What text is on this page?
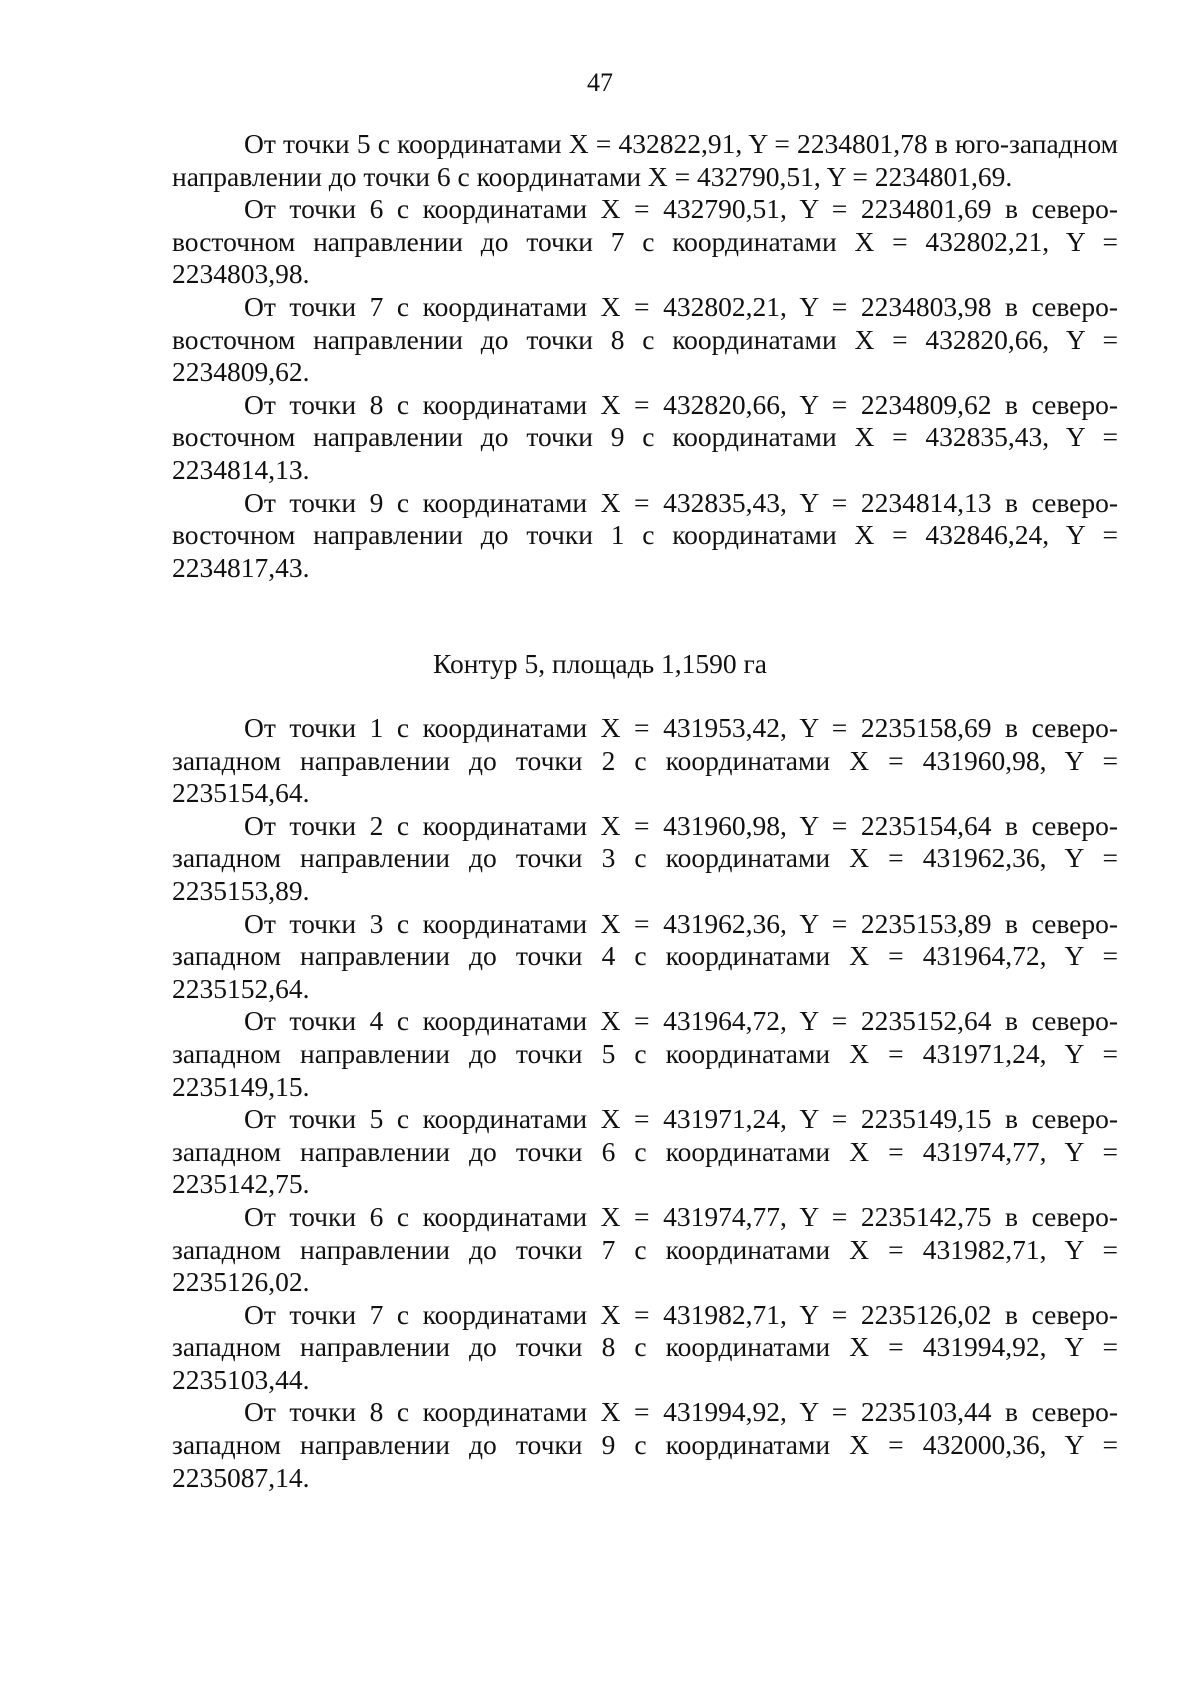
47

От точки 5 с координатами X = 432822,91, Y = 2234801,78 в юго-западном направлении до точки 6 с координатами X = 432790,51, Y = 2234801,69.

От точки 6 с координатами X = 432790,51, Y = 2234801,69 в северо-восточном направлении до точки 7 с координатами X = 432802,21, Y = 2234803,98.

От точки 7 с координатами X = 432802,21, Y = 2234803,98 в северо-восточном направлении до точки 8 с координатами X = 432820,66, Y = 2234809,62.

От точки 8 с координатами X = 432820,66, Y = 2234809,62 в северо-восточном направлении до точки 9 с координатами X = 432835,43, Y = 2234814,13.

От точки 9 с координатами X = 432835,43, Y = 2234814,13 в северо-восточном направлении до точки 1 с координатами X = 432846,24, Y = 2234817,43.

Контур 5, площадь 1,1590 га

От точки 1 с координатами X = 431953,42, Y = 2235158,69 в северо-западном направлении до точки 2 с координатами X = 431960,98, Y = 2235154,64.

От точки 2 с координатами X = 431960,98, Y = 2235154,64 в северо-западном направлении до точки 3 с координатами X = 431962,36, Y = 2235153,89.

От точки 3 с координатами X = 431962,36, Y = 2235153,89 в северо-западном направлении до точки 4 с координатами X = 431964,72, Y = 2235152,64.

От точки 4 с координатами X = 431964,72, Y = 2235152,64 в северо-западном направлении до точки 5 с координатами X = 431971,24, Y = 2235149,15.

От точки 5 с координатами X = 431971,24, Y = 2235149,15 в северо-западном направлении до точки 6 с координатами X = 431974,77, Y = 2235142,75.

От точки 6 с координатами X = 431974,77, Y = 2235142,75 в северо-западном направлении до точки 7 с координатами X = 431982,71, Y = 2235126,02.

От точки 7 с координатами X = 431982,71, Y = 2235126,02 в северо-западном направлении до точки 8 с координатами X = 431994,92, Y = 2235103,44.

От точки 8 с координатами X = 431994,92, Y = 2235103,44 в северо-западном направлении до точки 9 с координатами X = 432000,36, Y = 2235087,14.
